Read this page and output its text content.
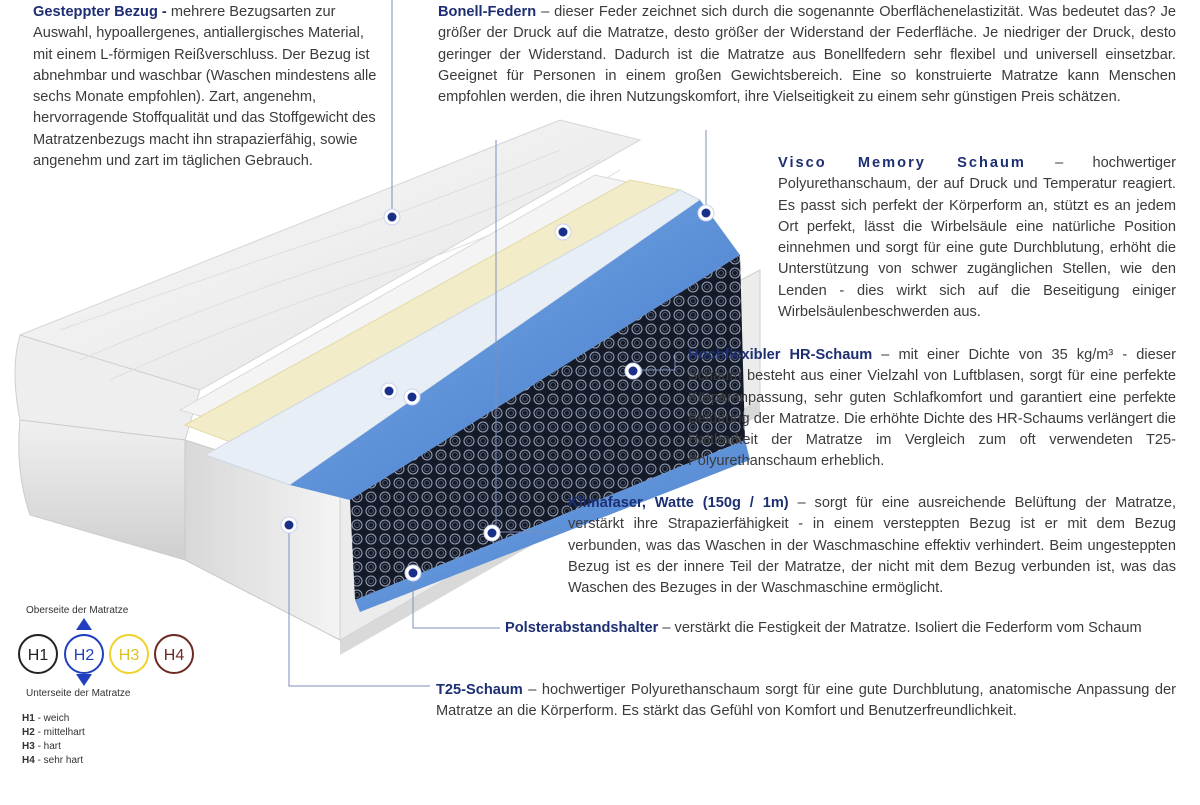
H1 H2 H3 H4
Gesteppter Bezug - mehrere Bezugsarten zur Auswahl, hypoallergenes, antiallergisches Material, mit einem L-förmigen Reißverschluss. Der Bezug ist abnehmbar und waschbar (Waschen mindestens alle sechs Monate empfohlen). Zart, angenehm, hervorragende Stoffqualität und das Stoffgewicht des Matratzenbezugs macht ihn strapazierfähig, sowie angenehm und zart im täglichen Gebrauch.
Bonell-Federn – dieser Feder zeichnet sich durch die sogenannte Oberflächenelastizität. Was bedeutet das? Je größer der Druck auf die Matratze, desto größer der Widerstand der Federfläche. Je niedriger der Druck, desto geringer der Widerstand. Dadurch ist die Matratze aus Bonellfedern sehr flexibel und universell einsetzbar. Geeignet für Personen in einem großen Gewichtsbereich. Eine so konstruierte Matratze kann Menschen empfohlen werden, die ihren Nutzungskomfort, ihre Vielseitigkeit zu einem sehr günstigen Preis schätzen.
Visco Memory Schaum – hochwertiger Polyurethanschaum, der auf Druck und Temperatur reagiert. Es passt sich perfekt der Körperform an, stützt es an jedem Ort perfekt, lässt die Wirbelsäule eine natürliche Position einnehmen und sorgt für eine gute Durchblutung, erhöht die Unterstützung von schwer zugänglichen Stellen, wie den Lenden - dies wirkt sich auf die Beseitigung einiger Wirbelsäulenbeschwerden aus.
Hochflexibler HR-Schaum – mit einer Dichte von 35 kg/m³ - dieser Schaum besteht aus einer Vielzahl von Luftblasen, sorgt für eine perfekte Körperanpassung, sehr guten Schlafkomfort und garantiert eine perfekte Belüftung der Matratze. Die erhöhte Dichte des HR-Schaums verlängert die Haltbarkeit der Matratze im Vergleich zum oft verwendeten T25-Polyurethanschaum erheblich.
Klimafaser, Watte (150g / 1m) – sorgt für eine ausreichende Belüftung der Matratze, verstärkt ihre Strapazierfähigkeit - in einem versteppten Bezug ist er mit dem Bezug verbunden, was das Waschen in der Waschmaschine effektiv verhindert. Beim ungesteppten Bezug ist es der innere Teil der Matratze, der nicht mit dem Bezug verbunden ist, was das Waschen des Bezuges in der Waschmaschine ermöglicht.
Polsterabstandshalter – verstärkt die Festigkeit der Matratze. Isoliert die Federform vom Schaum
T25-Schaum – hochwertiger Polyurethanschaum sorgt für eine gute Durchblutung, anatomische Anpassung der Matratze an die Körperform. Es stärkt das Gefühl von Komfort und Benutzerfreundlichkeit.
Oberseite der Matratze
Unterseite der Matratze
H1 - weich
H2 - mittelhart
H3 - hart
H4 - sehr hart
